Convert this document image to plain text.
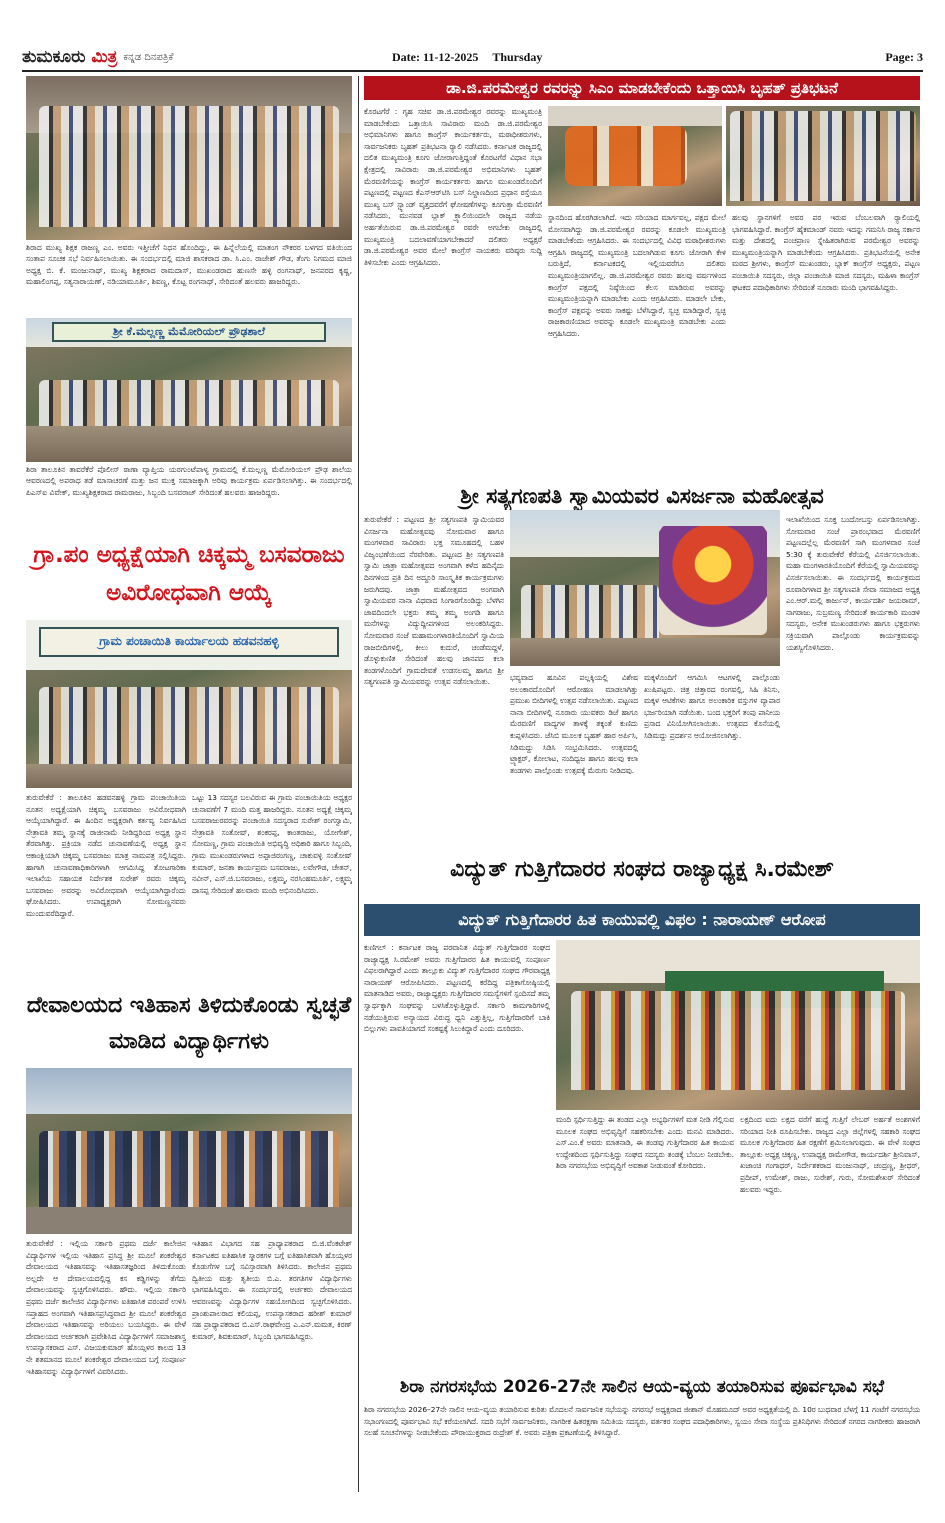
ತುಮಕೂರು ಮಿತ್ರ ಕನ್ನಡ ದಿನಪತ್ರಿಕೆ	Date: 11-12-2025 Thursday	Page: 3
ಶಿರಾದ ಮುಖ್ಯ ಶಿಕ್ಷಕ ರಾಜಣ್ಣ ಎಂ. ಅವರು ಇತ್ತೀಚೆಗೆ ನಿಧನ ಹೊಂದಿದ್ದು, ಈ ಹಿನ್ನೆಲೆಯಲ್ಲಿ ಮಾತಂಗ ನೌಕರರ ಬಳಗದ ವತಿಯಿಂದ ಸಂತಾಪ ಸೂಚಕ ಸಭೆ ನಿರ್ವಹಿಸಲಾಯಿತು. ಈ ಸಂದರ್ಭದಲ್ಲಿ ಮಾಜಿ ಶಾಸಕರಾದ ಡಾ. ಸಿ.ಎಂ. ರಾಜೇಶ್ ಗೌಡ, ತೆಂಗು ನಿಗಮದ ಮಾಜಿ ಅಧ್ಯಕ್ಷ ಬಿ. ಕೆ. ಮಂಜುನಾಥ್, ಮುಖ್ಯ ಶಿಕ್ಷಕರಾದ ರಾಮದಾಸ್, ಮುಖಂಡರಾದ ಹುಣಸೇ ಹಳ್ಳಿ ರಂಗನಾಥ್, ಜನಪರದ ಕೃಷ್ಣ, ಮಹಾಲಿಂಗಪ್ಪ, ಸತ್ಯನಾರಾಯಣ್, ನಡಿಯಾಮೂರ್ತಿ, ಶಿವಣ್ಣ, ಕೊಟ್ಟ ರಂಗನಾಥ್, ಸೇರಿದಂತೆ ಹಲವರು ಹಾಜರಿದ್ದರು.
ಶ್ರೀ ಕೆ.ಮಲ್ಲಣ್ಣ ಮೆಮೋರಿಯಲ್ ಪ್ರೌಢಶಾಲೆ
ಶಿರಾ ತಾಲೂಕಿನ ತಾವರೆಕೆರೆ ಪೊಲೀಸ್ ಠಾಣಾ ವ್ಯಾಪ್ತಿಯ ಯರಗುಂಟೆಪಾಳ್ಯ ಗ್ರಾಮದಲ್ಲಿ ಕೆ.ಮಲ್ಲಣ್ಣ ಮೆಮೋರಿಯಲ್ ಪ್ರೌಢ ಶಾಲೆಯ ಆವರಣದಲ್ಲಿ ಅಪರಾಧ ತಡೆ ಮಾಸಾಚರಣೆ ಮತ್ತು ಜನ ಮುಕ್ತ ಸಮಾಜಕ್ಕಾಗಿ ಅರಿವು ಕಾರ್ಯಕ್ರಮ ಏರ್ಪಡಿಸಲಾಗಿತ್ತು. ಈ ಸಂದರ್ಭದಲ್ಲಿ ಪಿಎಸ್‌ಐ ವಿವೇಕ್, ಮುಖ್ಯಶಿಕ್ಷಕರಾದ ರಾಮರಾಜು, ಸಿಬ್ಬಂದಿ ಬಸವರಾಜ್ ಸೇರಿದಂತೆ ಹಲವರು ಹಾಜರಿದ್ದರು.
ಗ್ರಾ.ಪಂ ಅಧ್ಯಕ್ಷೆಯಾಗಿ ಚಿಕ್ಕಮ್ಮ ಬಸವರಾಜು ಅವಿರೋಧವಾಗಿ ಆಯ್ಕೆ
ಗ್ರಾಮ ಪಂಚಾಯಿತಿ ಕಾರ್ಯಾಲಯ ಹಡವನಹಳ್ಳಿ
ತುರುವೇಕೆರೆ : ತಾಲೂಕಿನ ಹಡವನಹಳ್ಳಿ ಗ್ರಾಮ ಪಂಚಾಯಿತಿಯ ನೂತನ ಅಧ್ಯಕ್ಷೆಯಾಗಿ ಚಿಕ್ಕಮ್ಮ ಬಸವರಾಜು ಅವಿರೋಧವಾಗಿ ಆಯ್ಕೆಯಾಗಿದ್ದಾರೆ. ಈ ಹಿಂದಿನ ಅಧ್ಯಕ್ಷರಾಗಿ ಕರ್ತವ್ಯ ನಿರ್ವಹಿಸಿದ ನೇತ್ರಾವತಿ ತಮ್ಮ ಸ್ಥಾನಕ್ಕೆ ರಾಜೀನಾಮೆ ನೀಡಿದ್ದರಿಂದ ಅಧ್ಯಕ್ಷ ಸ್ಥಾನ ತೆರವಾಗಿತ್ತು. ಪ್ರಕ್ರಿಯಾ ನಡೆದ ಚುನಾವಣೆಯಲ್ಲಿ ಅಧ್ಯಕ್ಷ ಸ್ಥಾನ ಆಕಾಂಕ್ಷಿಯಾಗಿ ಚಿಕ್ಕಮ್ಮ ಬಸವರಾಜು ಮಾತ್ರ ನಾಮಪತ್ರ ಸಲ್ಲಿಸಿದ್ದರು. ಹಾಗಾಗಿ ಚುನಾವಣಾಧಿಕಾರಿಗಳಾಗಿ ಆಗಮಿಸಿದ್ದ ತೋಟಗಾರಿಕಾ ಇಲಾಖೆಯ ಸಹಾಯಕ ನಿರ್ದೇಶಕ ಸುರೇಶ್ ರವರು ಚಿಕ್ಕಮ್ಮ ಬಸವರಾಜು ಅವರನ್ನು ಅವಿರೋಧವಾಗಿ ಆಯ್ಕೆಯಾಗಿದ್ದಾರೆಂದು ಘೋಷಿಸಿದರು. ಉಪಾಧ್ಯಕ್ಷರಾಗಿ ಸೋಮಣ್ಣನವರು ಮುಂದುವರೆದಿದ್ದಾರೆ.
ಒಟ್ಟು 13 ಸದಸ್ಯರ ಬಲವಿರುವ ಈ ಗ್ರಾಮ ಪಂಚಾಯಿತಿಯ ಅಧ್ಯಕ್ಷರ ಚುನಾವಣೆಗೆ 7 ಮಂದಿ ಮತ್ತ ಹಾಜರಿದ್ದರು. ನೂತನ ಅಧ್ಯಕ್ಷೆ ಚಿಕ್ಕಮ್ಮ ಬಸವರಾಜುರವರನ್ನು ಪಂಚಾಯಿತಿ ಸದಸ್ಯರಾದ ಸುರೇಶ್ ರಂಗಸ್ವಾಮಿ, ನೇತ್ರಾವತಿ ಸಂತೋಷ್, ಶಂಕರಪ್ಪ, ಕಾಂತರಾಜು, ಯೋಗೇಶ್, ಸೋಮಣ್ಣ, ಗ್ರಾಮ ಪಂಚಾಯಿತಿ ಅಭಿವೃದ್ಧಿ ಅಧಿಕಾರಿ ಹಾಗೂ ಸಿಬ್ಬಂದಿ, ಗ್ರಾಮ ಮುಖಂಡರುಗಳಾದ ಅಪ್ಪಾಜಿರಂಗಣ್ಣ, ಚಾಕುವಳ್ಳಿ ಸಂತೋಷ್ ಕುಮಾರ್, ಜನತಾ ಕಾರ್ಯಪ್ರಮ ಬಸವರಾಜು, ಲವೇಗೌಡ, ಚೇತನ್, ನವೀನ್, ಎಸ್.ಜಿ.ಬಸವರಾಜು, ಲಕ್ಷಮ್ಮ, ನರಸಿಂಹಮೂರ್ತಿ, ಲಕ್ಷ್ಮಮ್ಮ ದಾಸಪ್ಪ ಸೇರಿದಂತೆ ಹಲವಾರು ಮಂದಿ ಅಭಿನಂದಿಸಿದರು.
ದೇವಾಲಯದ ಇತಿಹಾಸ ತಿಳಿದುಕೊಂಡು ಸ್ವಚ್ಛತೆ ಮಾಡಿದ ವಿದ್ಯಾರ್ಥಿಗಳು
ತುರುವೇಕೆರೆ : ಇಲ್ಲಿಯ ಸರ್ಕಾರಿ ಪ್ರಥಮ ದರ್ಜೆ ಕಾಲೇಜಿನ ವಿದ್ಯಾರ್ಥಿಗಳ ಇಲ್ಲಿಯ ಇತಿಹಾಸ ಪ್ರಸಿದ್ಧ ಶ್ರೀ ಮೂಲೆ ಶಂಕರೇಶ್ವರ ದೇವಾಲಯದ ಇತಿಹಾಸವನ್ನು ಇತಿಹಾಸತಜ್ಞರಿಂದ ತಿಳಿದುಕೊಂಡು ಅಲ್ಲದೇ ಆ ದೇವಾಲಯದಲ್ಲಿದ್ದ ಕಸ ಕಡ್ಡಿಗಳನ್ನು ತೆಗೆದು ದೇವಾಲಯವನ್ನು ಸ್ವಚ್ಛಗೊಳಿಸಿದರು. ಹೌದು. ಇಲ್ಲಿಯ ಸರ್ಕಾರಿ ಪ್ರಥಮ ದರ್ಜೆ ಕಾಲೇಜಿನ ವಿದ್ಯಾರ್ಥಿಗಳು ಐತಿಹಾಸಿಕ ಪರಂಪರೆ ಉಳಿಸಿ ಸಪ್ತಾಹದ ಅಂಗವಾಗಿ ಇತಿಹಾಸಪ್ರಸಿದ್ಧವಾದ ಶ್ರೀ ಮೂಲೆ ಶಂಕರೇಶ್ವರ ದೇವಾಲಯದ ಇತಿಹಾಸವನ್ನು ಅರಿಯಲು ಬಯಸಿದ್ದರು. ಈ ವೇಳೆ ದೇವಾಲಯದ ಅರ್ಚಕರಾಗಿ ಪ್ರವೇಶಿಸಿದ ವಿದ್ಯಾರ್ಥಿಗಳಿಗೆ ಸಮಾಜಶಾಸ್ತ್ರ ಉಪನ್ಯಾಸಕರಾದ ಎಸ್. ವಿಜಯಕುಮಾರ್ ಹೊಯ್ಸಳರ ಕಾಲದ 13 ನೇ ಶತಮಾನದ ಮೂಲೆ ಶಂಕರೇಶ್ವರ ದೇವಾಲಯದ ಬಗ್ಗೆ ಸಂಪೂರ್ಣ ಇತಿಹಾಸವನ್ನು ವಿದ್ಯಾರ್ಥಿಗಳಿಗೆ ವಿವರಿಸಿದರು.
ಇತಿಹಾಸ ವಿಭಾಗದ ಸಹ ಪ್ರಾಧ್ಯಾಪಕರಾದ ಬಿ.ಜಿ.ವೆಂಕಟೇಶ್ ಕರ್ನಾಟಕದ ಐತಿಹಾಸಿಕ ಸ್ಮಾರಕಗಳ ಬಗ್ಗೆ ಐತಿಹಾಸಿಕವಾಗಿ ಹೊಯ್ಸಳರ ಕೊಡುಗೆಗಳ ಬಗ್ಗೆ ಸವಿಸ್ತಾರವಾಗಿ ತಿಳಿಸಿದರು. ಕಾಲೇಜಿನ ಪ್ರಥಮ ದ್ವಿತೀಯ ಮತ್ತು ತೃತೀಯ ಬಿ.ಎ. ತರಗತಿಗಳ ವಿದ್ಯಾರ್ಥಿಗಳು ಭಾಗವಹಿಸಿದ್ದರು. ಈ ಸಂದರ್ಭದಲ್ಲಿ ಅರ್ಚಕರು ದೇವಾಲಯದ ಆವರಣವನ್ನು ವಿದ್ಯಾರ್ಥಿಗಳ ಸಹಯೋಗದಿಂದ ಸ್ವಚ್ಛಗೊಳಿಸಿದರು. ಪ್ರಾಂಶುಪಾಲರಾದ ಕಲಿಯಪ್ಪ, ಉಪನ್ಯಾಸಕರಾದ ಹರೀಶ್ ಕುಮಾರ್ ಸಹ ಪ್ರಾಧ್ಯಾಪಕರಾದ ಬಿ.ಎಸ್.ರಾಘವೇಂದ್ರ ಎ.ಎನ್.ಮಮತ, ಕಿರಣ್ ಕುಮಾರ್, ಶಿವಕುಮಾರ್, ಸಿಬ್ಬಂದಿ ಭಾಗವಹಿಸಿದ್ದರು.
ಡಾ.ಜಿ.ಪರಮೇಶ್ವರ ರವರನ್ನು ಸಿಎಂ ಮಾಡಬೇಕೆಂದು ಒತ್ತಾಯಿಸಿ ಬೃಹತ್ ಪ್ರತಿಭಟನೆ
ಕೊರಟಗೆರೆ : ಗೃಹ ಸಚಿವ ಡಾ.ಜಿ.ಪರಮೇಶ್ವರ ರವರನ್ನು ಮುಖ್ಯಮಂತ್ರಿ ಮಾಡಬೇಕೆಂದು ಒತ್ತಾಯಿಸಿ ಸಾವಿರಾರು ಮಂದಿ ಡಾ.ಜಿ.ಪರಮೇಶ್ವರ ಅಭಿಮಾನಿಗಳು ಹಾಗೂ ಕಾಂಗ್ರೆಸ್ ಕಾರ್ಯಕರ್ತರು, ಮಠಾಧೀಶರುಗಳು, ಸಾರ್ವಜನಿಕರು ಬೃಹತ್ ಪ್ರತಿಭಟನಾ ರ್‍ಯಾಲಿ ನಡೆಸಿದರು. ಕರ್ನಾಟಕ ರಾಜ್ಯದಲ್ಲಿ ದಲಿತ ಮುಖ್ಯಮಂತ್ರಿ ಕೂಗು ಜೋರಾಗುತ್ತಿದ್ದಂತೆ ಕೊರಟಗೆರೆ ವಿಧಾನ ಸಭಾ ಕ್ಷೇತ್ರದಲ್ಲಿ ಸಾವಿರಾರು ಡಾ.ಜಿ.ಪರಮೇಶ್ವರ ಅಭಿಮಾನಿಗಳು ಬೃಹತ್ ಮೆರವಣಿಗೆಯನ್ನು ಕಾಂಗ್ರೆಸ್ ಕಾರ್ಯಕರ್ತರು ಹಾಗೂ ಮುಖಂಡರೊಂದಿಗೆ ಪಟ್ಟಣದಲ್ಲಿ ಪಟ್ಟಣದ ಕೆಎಸ್‌ಆರ್‌ಟಿಸಿ ಬಸ್ ನಿಲ್ದಾಣದಿಂದ ಪ್ರಧಾನ ರಸ್ತೆಯೂ ಮುಖ್ಯ ಬಸ್ ಸ್ಟ್ಯಾಂಡ್ ವೃತ್ತದವರೆಗೆ ಘೋಷಣೆಗಳನ್ನು ಕೂಗುತ್ತಾ ಮೆರವಣಿಗೆ ನಡೆಸಿದರು, ಮುನವಡ ಬ್ಲಾಕ್ ಕ್ರ್ಯಾಲಿಯಿಂದಲೇ ರಾಜ್ಯದ ನಡೆಯ ಅರ್ಹತೆಯಿರುವ ಡಾ.ಜಿ.ಪರಮೇಶ್ವರ ರವರೇ ಅಗಬೇಕು ರಾಜ್ಯದಲ್ಲಿ ಮುಖ್ಯಮಂತ್ರಿ ಬದಲಾವಣೆಯಾಗಬೇಕಾದರೆ ದಲಿತರು ಅಧ್ಯಕ್ಷರೆ ಡಾ.ಜಿ.ಪರಮೇಶ್ವರ ಅವರ ಮೇಲೆ ಕಾಂಗ್ರೆಸ್ ನಾಯಕರು ವರಿಷ್ಠರು ಸುದ್ದಿ ತಿಳಿಸಬೇಕು ಎಂದು ಆಗ್ರಹಿಸಿದರು.
ಸ್ಥಾನದಿಂದ ಹೊರಗಿಡಲಾಗಿದೆ. ಇದು ಸರಿಯಾದ ಮಾರ್ಗವಲ್ಲ, ಪಕ್ಷದ ಮೇಲೆ ಮೋಸವಾಗಿದ್ದು ಡಾ.ಜಿ.ಪರಮೇಶ್ವರ ರವರನ್ನು ಕೂಡಲೇ ಮುಖ್ಯಮಂತ್ರಿ ಮಾಡಬೇಕೆಂದು ಆಗ್ರಹಿಸಿದರು. ಈ ಸಂದರ್ಭದಲ್ಲಿ ವಿವಿಧ ಮಠಾಧೀಶರುಗಳು ಆಗ್ರಹಿಸಿ ರಾಜ್ಯದಲ್ಲಿ ಮುಖ್ಯಮಂತ್ರಿ ಬದಲಾಗಿಡುವ ಕೂಗು ಜೋರಾಗಿ ಕೇಳಿ ಬರುತ್ತಿದೆ, ಕರ್ನಾಟಕದಲ್ಲಿ ಇಲ್ಲಿಯವರೆಗೂ ದಲಿತರು ಮುಖ್ಯಮಂತ್ರಿಯಾಗಲಿಲ್ಲ. ಡಾ.ಜಿ.ಪರಮೇಶ್ವರ ರವರು ಹಲವು ವರ್ಷಗಳಿಂದ ಕಾಂಗ್ರೆಸ್ ಪಕ್ಷದಲ್ಲಿ ನಿಷ್ಠೆಯಿಂದ ಕೆಲಸ ಮಾಡಿರುವ ಅವರನ್ನು ಮುಖ್ಯಮಂತ್ರಿಯನ್ನಾಗಿ ಮಾಡಬೇಕು ಎಂದು ಆಗ್ರಹಿಸಿದರು. ಮಾಡಲೇ ಬೇಕು, ಕಾಂಗ್ರೆಸ್ ಪಕ್ಷವನ್ನು ಅವರು ಸಾಕಷ್ಟು ಬೆಳೆಸಿದ್ದಾರೆ, ಸ್ವಚ್ಛ ಮಾಡಿದ್ದಾರೆ, ಸ್ವಚ್ಛ ರಾಜಕಾರಣಿಯಾದ ಅವರನ್ನು ಕೂಡಲೇ ಮುಖ್ಯಮಂತ್ರಿ ಮಾಡಬೇಕು ಎಂದು ಆಗ್ರಹಿಸಿದರು.
ಹಲವು ಸ್ಥಾನಗಳಿಗೆ ಅವರ ಪರ ಇರುವ ಬೆಂಬಲವಾಗಿ ರ್‍ಯಾಲಿಯಲ್ಲಿ ಭಾಗವಹಿಸಿದ್ದಾರೆ. ಕಾಂಗ್ರೆಸ್ ಹೈಕಮಾಂಡ್ ನವರು ಇದನ್ನು ಗಮನಿಸಿ ರಾಜ್ಯ ಸರ್ಕಾರ ಮತ್ತು ದೇಶದಲ್ಲಿ ಪಂಚಪ್ರಾಣ ಸ್ನೇಹಿತರಾಗಿರುವ ಪರಮೇಶ್ವರ ಅವರನ್ನು ಮುಖ್ಯಮಂತ್ರಿಯನ್ನಾಗಿ ಮಾಡಬೇಕೆಂದು ಆಗ್ರಹಿಸಿದರು. ಪ್ರತಿಭಟನೆಯಲ್ಲಿ ಅನೇಕ ಮಠದ ಶ್ರೀಗಳು, ಕಾಂಗ್ರೆಸ್ ಮುಖಂಡರು, ಬ್ಲಾಕ್ ಕಾಂಗ್ರೆಸ್ ಅಧ್ಯಕ್ಷರು, ಪಟ್ಟಣ ಪಂಚಾಯಿತಿ ಸದಸ್ಯರು, ಜಿಲ್ಲಾ ಪಂಚಾಯಿತಿ ಮಾಜಿ ಸದಸ್ಯರು, ಮಹಿಳಾ ಕಾಂಗ್ರೆಸ್ ಘಟಕದ ಪದಾಧಿಕಾರಿಗಳು ಸೇರಿದಂತೆ ನೂರಾರು ಮಂದಿ ಭಾಗವಹಿಸಿದ್ದರು.
ಶ್ರೀ ಸತ್ಯಗಣಪತಿ ಸ್ವಾಮಿಯವರ ವಿಸರ್ಜನಾ ಮಹೋತ್ಸವ
ತುರುವೇಕೆರೆ : ಪಟ್ಟಣದ ಶ್ರೀ ಸತ್ಯಗಣಪತಿ ಸ್ವಾಮಿಯವರ ವಿಸರ್ಜನಾ ಮಹೋತ್ಸವವು ಸೋಮವಾರ ಹಾಗೂ ಮಂಗಳವಾರ ಸಾವಿರಾರು ಭಕ್ತ ಸಮೂಹದಲ್ಲಿ ಬಹಳ ವಿಜೃಂಭಣೆಯಿಂದ ನೆರವೇರಿತು. ಪಟ್ಟಣದ ಶ್ರೀ ಸತ್ಯಗಣಪತಿ ಸ್ವಾಮಿ ಜಾತ್ರಾ ಮಹೋತ್ಸವದ ಅಂಗವಾಗಿ ಕಳೆದ ಹದಿನೈದು ದಿನಗಳಿಂದ ಪ್ರತಿ ದಿನ ಅದ್ದೂರಿ ಸಾಂಸ್ಕೃತಿಕ ಕಾರ್ಯಕ್ರಮಗಳು ಜರುಗಿದವು. ಜಾತ್ರಾ ಮಹೋತ್ಸವದ ಅಂಗವಾಗಿ ಸ್ವಾಮಿಯವರ ನಾನಾ ವಿಧವಾದ ಸಿಂಗಾರಗೊಂಡಿದ್ದು ಬೆಳಗಿನ ಜಾವದಿಂದಲೇ ಭಕ್ತರು ತಮ್ಮ ತಮ್ಮ ಅಂಗಡಿ ಹಾಗೂ ಮನೆಗಳನ್ನು ವಿದ್ಯುದ್ದೀಪಗಳಿಂದ ಅಲಂಕರಿಸಿದ್ದರು. ಸೋಮವಾರ ಸಂಜೆ ಮಹಾಮಂಗಳಾರತಿಯೊಂದಿಗೆ ಸ್ವಾಮಿಯ ರಾಜಬೀದಿಗಳಲ್ಲಿ, ಕೀಲು ಕುದುರೆ, ಚಂಡೆಮದ್ದಳೆ, ಡೊಳ್ಳುಕುಣಿತ ಸೇರಿದಂತೆ ಹಲವು ಜಾನಪದ ಕಲಾ ತಂಡಗಳೊಂದಿಗೆ ಗ್ರಾಮದೇವತೆ ಉಡಸಲಮ್ಮ ಹಾಗೂ ಶ್ರೀ ಸತ್ಯಗಣಪತಿ ಸ್ವಾಮಿಯವರನ್ನು ಉತ್ಸವ ನಡೆಸಲಾಯಿತು.	ಭವ್ಯವಾದ ಹೂವಿನ ಪಲ್ಲಕ್ಕಿಯಲ್ಲಿ ವಿಶೇಷ ಅಲಂಕಾರದೊಂದಿಗೆ ಆರೋಹಣ ಮಾಡಲಾಗಿತ್ತು ಪ್ರಮುಖ ಬೀದಿಗಳಲ್ಲಿ ಉತ್ಸವ ನಡೆಸಲಾಯಿತು. ಪಟ್ಟಣದ ನಾನಾ ಬೀದಿಗಳಲ್ಲಿ ನೂರಾರು ಯುವಕರು ಡಿಜೆ ಹಾಗೂ ಮೆರವಣಿಗೆ ವಾದ್ಯಗಳ ತಾಳಕ್ಕೆ ತಕ್ಕಂತೆ ಕುಣಿದು ಕುಪ್ಪಳಿಸಿದರು. ಜೆಸಿಬಿ ಮೂಲಕ ಬೃಹತ್ ಹಾರ ಅರ್ಪಿಸಿ, ಸಿಡಿಮದ್ದು ಸಿಡಿಸಿ ಸಂಭ್ರಮಿಸಿದರು. ಉತ್ಸವದಲ್ಲಿ ಟ್ರ್ಯಾಕ್ಟರ್, ಕೋಲಾಟ, ನಂದಿಧ್ವಜ ಹಾಗೂ ಹಲವು ಕಲಾ ತಂಡಗಳು ಪಾಲ್ಗೊಂಡು ಉತ್ಸವಕ್ಕೆ ಮೆರುಗು ನೀಡಿದವು.
ಮಕ್ಕಳೊಂದಿಗೆ ಆಗಮಿಸಿ ಆಟಗಳಲ್ಲಿ ಪಾಲ್ಗೊಂಡು ಖುಷಿಪಟ್ಟರು. ಚಿತ್ರ ಚಿತ್ತಾರದ ರಂಗವಲ್ಲಿ, ಸಿಹಿ ತಿನಿಸು, ಮಕ್ಕಳ ಆಟಿಕೆಗಳು ಹಾಗೂ ಅಲಂಕಾರಿಕ ವಸ್ತುಗಳ ವ್ಯಾಪಾರ ಭರ್ಜರಿಯಾಗಿ ನಡೆಯಿತು. ಬಂದ ಭಕ್ತರಿಗೆ ತಂಪು ಪಾನೀಯ ಪ್ರಸಾದ ವಿನಿಯೋಗಿಸಲಾಯಿತು. ಉತ್ಸವದ ಕೊನೆಯಲ್ಲಿ ಸಿಡಿಮದ್ದು ಪ್ರದರ್ಶನ ಆಯೋಜಿಸಲಾಗಿತ್ತು.
ಇಲಾಖೆಯಿಂದ ಸೂಕ್ತ ಬಂದೋಬಸ್ತು ಏರ್ಪಡಿಸಲಾಗಿತ್ತು. ಸೋಮವಾರ ಸಂಜೆ ಪ್ರಾರಂಭವಾದ ಮೆರವಣಿಗೆ ಪಟ್ಟಣದಲ್ಲೆಲ್ಲ ಮೆರವಣಿಗೆ ಸಾಗಿ ಮಂಗಳವಾರ ಸಂಜೆ 5:30 ಕ್ಕೆ ತುರುವೇಕೆರೆ ಕೆರೆಯಲ್ಲಿ ವಿಸರ್ಜಿಸಲಾಯಿತು. ಮಹಾ ಮಂಗಳಾರತಿಯೊಂದಿಗೆ ಕೆರೆಯಲ್ಲಿ ಸ್ವಾಮಿಯವರನ್ನು ವಿಸರ್ಜಿಸಲಾಯಿತು. ಈ ಸಂದರ್ಭದಲ್ಲಿ ಕಾರ್ಯಕ್ರಮದ ರೂವಾರಿಗಳಾದ ಶ್ರೀ ಸತ್ಯಗಣಪತಿ ಸೇವಾ ಸಮಾಜದ ಅಧ್ಯಕ್ಷ ಎಂ.ಆರ್.ಮಲ್ಲಿ ಕಾರ್ಜುನ್, ಕಾರ್ಯದರ್ಶಿ ಜಯರಾಮ್, ನಾಗರಾಜು, ಸುಬ್ರಮಣ್ಯ ಸೇರಿದಂತೆ ಕಾರ್ಯಕಾರಿ ಮಂಡಳಿ ಸದಸ್ಯರು, ಅನೇಕ ಮುಖಂಡರುಗಳು ಹಾಗೂ ಭಕ್ತರುಗಳು ಸಕ್ರಿಯವಾಗಿ ಪಾಲ್ಗೊಂಡು ಕಾರ್ಯಕ್ರಮವನ್ನು ಯಶಸ್ವಿಗೊಳಿಸಿದರು.
ವಿದ್ಯುತ್ ಗುತ್ತಿಗೆದಾರರ ಸಂಘದ ರಾಜ್ಯಾಧ್ಯಕ್ಷ ಸಿ.ರಮೇಶ್
ವಿದ್ಯುತ್ ಗುತ್ತಿಗೆದಾರರ ಹಿತ ಕಾಯುವಲ್ಲಿ ವಿಫಲ : ನಾರಾಯಣ್ ಆರೋಪ
ಕುಣಿಗಲ್ : ಕರ್ನಾಟಕ ರಾಜ್ಯ ಪರವಾನಿತ ವಿದ್ಯುತ್ ಗುತ್ತಿಗೆದಾರರ ಸಂಘದ ರಾಜ್ಯಾಧ್ಯಕ್ಷ ಸಿ.ರಮೇಶ್ ಅವರು ಗುತ್ತಿಗೆದಾರರ ಹಿತ ಕಾಯುವಲ್ಲಿ ಸಂಪೂರ್ಣ ವಿಫಲರಾಗಿದ್ದಾರೆ ಎಂದು ತಾಲ್ಲೂಕು ವಿದ್ಯುತ್ ಗುತ್ತಿಗೆದಾರರ ಸಂಘದ ಗೌರವಾಧ್ಯಕ್ಷ ನಾರಾಯಣ್ ಆರೋಪಿಸಿದರು. ಪಟ್ಟಣದಲ್ಲಿ ಕರೆದಿದ್ದ ಪತ್ರಿಕಾಗೋಷ್ಠಿಯಲ್ಲಿ ಮಾತನಾಡಿದ ಅವರು, ರಾಜ್ಯಾಧ್ಯಕ್ಷರು ಗುತ್ತಿಗೆದಾರರ ಸಮಸ್ಯೆಗಳಿಗೆ ಸ್ಪಂದಿಸದೆ ತಮ್ಮ ಸ್ವಾರ್ಥಕ್ಕಾಗಿ ಸಂಘವನ್ನು ಬಳಸಿಕೊಳ್ಳುತ್ತಿದ್ದಾರೆ. ಸರ್ಕಾರಿ ಕಾಮಗಾರಿಗಳಲ್ಲಿ ನಡೆಯುತ್ತಿರುವ ಅನ್ಯಾಯದ ವಿರುದ್ಧ ಧ್ವನಿ ಎತ್ತುತ್ತಿಲ್ಲ, ಗುತ್ತಿಗೆದಾರರಿಗೆ ಬಾಕಿ ಬಿಲ್ಲುಗಳು ಪಾವತಿಯಾಗದೆ ಸಂಕಷ್ಟಕ್ಕೆ ಸಿಲುಕಿದ್ದಾರೆ ಎಂದು ದೂರಿದರು.
ಮಂದಿ ಸ್ಪರ್ಧಿಸುತ್ತಿದ್ದು ಈ ತಂಡದ ಎಲ್ಲಾ ಅಭ್ಯರ್ಥಿಗಳಿಗೆ ಮತ ನೀಡಿ ಗೆಲ್ಲಿಸುವ ಮೂಲಕ ಸಂಘದ ಅಭಿವೃದ್ಧಿಗೆ ಸಹಕರಿಸಬೇಕು ಎಂದು ಮನವಿ ಮಾಡಿದರು. ಎಸ್.ಎಂ.ಕೆ ಅವರು ಮಾತನಾಡಿ, ಈ ತಂಡವು ಗುತ್ತಿಗೆದಾರರ ಹಿತ ಕಾಯುವ ಉದ್ದೇಶದಿಂದ ಸ್ಪರ್ಧಿಸುತ್ತಿದ್ದು ಸಂಘದ ಸದಸ್ಯರು ತಂಡಕ್ಕೆ ಬೆಂಬಲ ನೀಡಬೇಕು. ಶಿರಾ ನಗರಸಭೆಯ ಅಭಿವೃದ್ಧಿಗೆ ಅವಕಾಶ ನೀಡುವಂತೆ ಕೋರಿದರು.
ಲಕ್ಷದಿಂದ ಐದು ಲಕ್ಷದ ವರೆಗೆ ಹುದ್ದೆ ಗುತ್ತಿಗೆ ಲೇಬರ್ ಅರ್ಹತೆ ಅಂಶಗಳಿಗೆ ಸರಿಯಾದ ನೀತಿ ರೂಪಿಸಬೇಕು. ರಾಜ್ಯದ ಎಲ್ಲಾ ಜಿಲ್ಲೆಗಳಲ್ಲಿ ಸಹಕಾರಿ ಸಂಘದ ಮೂಲಕ ಗುತ್ತಿಗೆದಾರರ ಹಿತ ರಕ್ಷಣೆಗೆ ಶ್ರಮಿಸಲಾಗುವುದು. ಈ ವೇಳೆ ಸಂಘದ ತಾಲ್ಲೂಕು ಅಧ್ಯಕ್ಷ ಚಿಕ್ಕಣ್ಣ, ಉಪಾಧ್ಯಕ್ಷ ರಾಮೇಗೌಡ, ಕಾರ್ಯದರ್ಶಿ ಶ್ರೀನಿವಾಸ್, ಖಜಾಂಚಿ ಗಂಗಾಧರ್, ನಿರ್ದೇಶಕರಾದ ಮಂಜುನಾಥ್, ಚಂದ್ರಣ್ಣ, ಶ್ರೀಧರ್, ಪ್ರದೀಪ್, ಉಮೇಶ್, ರಾಜು, ಸುರೇಶ್, ಗುರು, ಸೋಮಶೇಖರ್ ಸೇರಿದಂತೆ ಹಲವರು ಇದ್ದರು.
ಶಿರಾ ನಗರಸಭೆಯ 2026-27ನೇ ಸಾಲಿನ ಆಯ-ವ್ಯಯ ತಯಾರಿಸುವ ಪೂರ್ವಭಾವಿ ಸಭೆ
ಶಿರಾ ನಗರಸಭೆಯ 2026–27ನೇ ಸಾಲಿನ ಆಯ–ವ್ಯಯ ತಯಾರಿಸುವ ಕುರಿತು ಮೊದಲನೆ ಸಾರ್ವಜನಿಕ ಸಭೆಯನ್ನು ನಗರಸಭೆ ಅಧ್ಯಕ್ಷರಾದ ಜೀಶಾನ್ ಮೊಹಮೂದ್ ಅವರ ಅಧ್ಯಕ್ಷತೆಯಲ್ಲಿ ದಿ. 10ರ ಬುಧವಾರ ಬೆಳಗ್ಗೆ 11 ಗಂಟೆಗೆ ನಗರಸಭೆಯ ಸಭಾಂಗಣದಲ್ಲಿ ಪೂರ್ವಭಾವಿ ಸಭೆ ಕರೆಯಲಾಗಿದೆ. ಸದರಿ ಸಭೆಗೆ ಸಾರ್ವಜನಿಕರು, ನಾಗರೀಕ ಹಿತರಕ್ಷಣಾ ಸಮಿತಿಯ ಸದಸ್ಯರು, ವರ್ತಕರ ಸಂಘದ ಪದಾಧಿಕಾರಿಗಳು, ಸ್ವಯಂ ಸೇವಾ ಸಂಸ್ಥೆಯ ಪ್ರತಿನಿಧಿಗಳು ಸೇರಿದಂತೆ ನಗರದ ನಾಗರೀಕರು ಹಾಜರಾಗಿ ಸಲಹೆ ಸೂಚನೆಗಳನ್ನು ನೀಡಬೇಕೆಂದು ಪೌರಾಯುಕ್ತರಾದ ರುದ್ರೇಶ್ ಕೆ. ಅವರು ಪತ್ರಿಕಾ ಪ್ರಕಟಣೆಯಲ್ಲಿ ತಿಳಿಸಿದ್ದಾರೆ.
